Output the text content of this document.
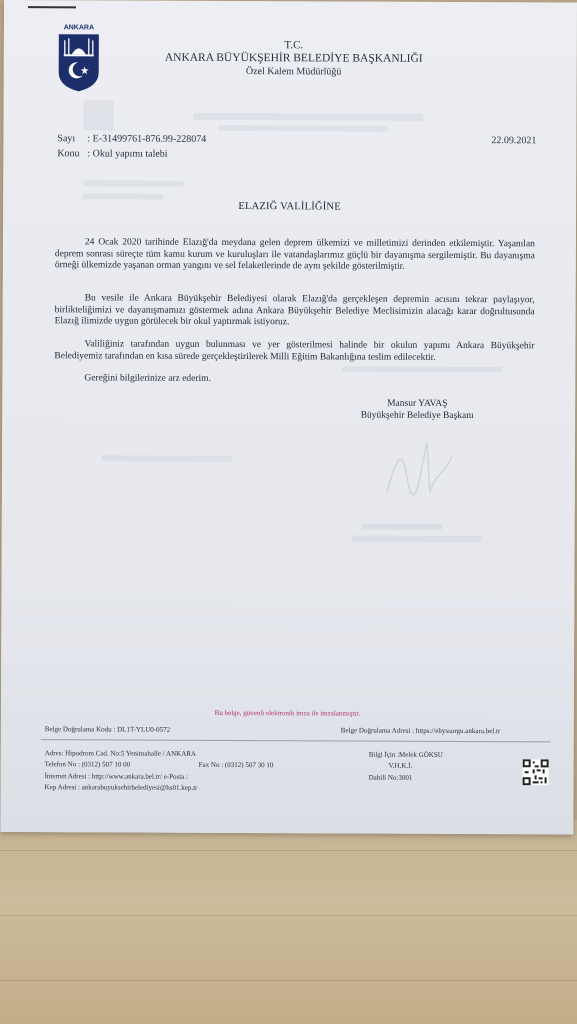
ANKARA
T.C.
ANKARA BÜYÜKŞEHİR BELEDİYE BAŞKANLIĞI
Özel Kalem Müdürlüğü
Sayı : E-31499761-876.99-228074
Konu : Okul yapımı talebi
22.09.2021
ELAZIĞ VALİLİĞİNE
24 Ocak 2020 tarihinde Elazığ'da meydana gelen deprem ülkemizi ve milletimizi derinden etkilemiştir. Yaşanılan deprem sonrası süreçte tüm kamu kurum ve kuruluşları ile vatandaşlarımız güçlü bir dayanışma sergilemiştir. Bu dayanışma örneği ülkemizde yaşanan orman yangını ve sel felaketlerinde de aynı şekilde gösterilmiştir.
Bu vesile ile Ankara Büyükşehir Belediyesi olarak Elazığ'da gerçekleşen depremin acısını tekrar paylaşıyor, birlikteliğimizi ve dayanışmamızı göstermek adına Ankara Büyükşehir Belediye Meclisimizin alacağı karar doğrultusunda Elazığ ilimizde uygun görülecek bir okul yaptırmak istiyoruz.
Valiliğiniz tarafından uygun bulunması ve yer gösterilmesi halinde bir okulun yapımı Ankara Büyükşehir Belediyemiz tarafından en kısa sürede gerçekleştirilerek Milli Eğitim Bakanlığına teslim edilecektir.
Gereğini bilgilerinize arz ederim.
Mansur YAVAŞ
Büyükşehir Belediye Başkanı
Bu belge, güvenli elektronik imza ile imzalanmıştır.
Belge Doğrulama Kodu : DL1T-YLU0-0572	Belge Doğrulama Adresi : https://ebyssorgu.ankara.bel.tr
Adres: Hipodrom Cad. No:5 Yenimahalle / ANKARA
Telefon No : (0312) 507 10 00	Fax No : (0312) 507 30 10
İnternet Adresi : http://www.ankara.bel.tr/ e-Posta :
Kep Adresi : ankarabuyuksehirbelediyesi@hs01.kep.tr
Bilgi İçin :Melek GÖKSU
V.H.K.İ.
Dahili No:3001
